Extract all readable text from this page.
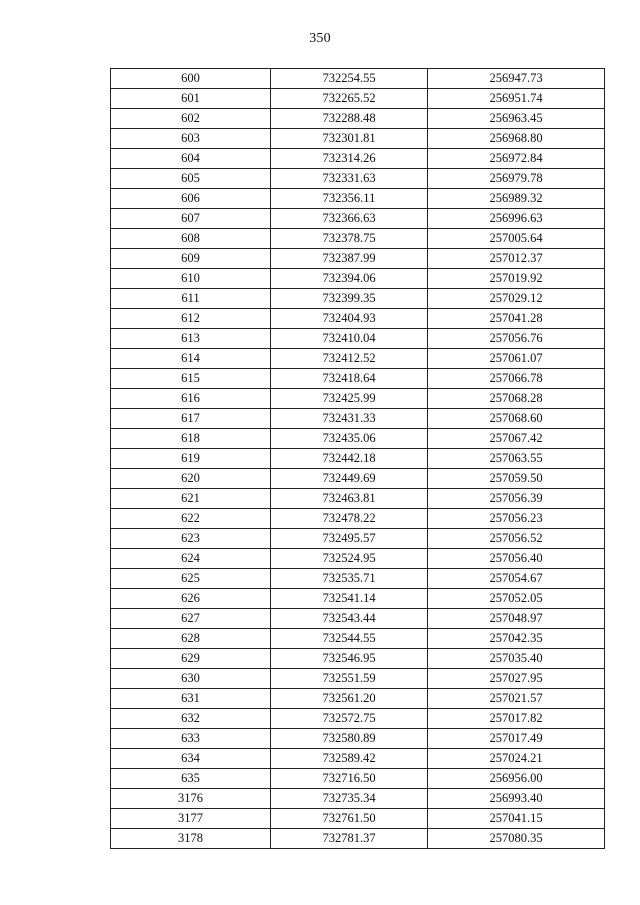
350
600	732254.55	256947.73
601	732265.52	256951.74
602	732288.48	256963.45
603	732301.81	256968.80
604	732314.26	256972.84
605	732331.63	256979.78
606	732356.11	256989.32
607	732366.63	256996.63
608	732378.75	257005.64
609	732387.99	257012.37
610	732394.06	257019.92
611	732399.35	257029.12
612	732404.93	257041.28
613	732410.04	257056.76
614	732412.52	257061.07
615	732418.64	257066.78
616	732425.99	257068.28
617	732431.33	257068.60
618	732435.06	257067.42
619	732442.18	257063.55
620	732449.69	257059.50
621	732463.81	257056.39
622	732478.22	257056.23
623	732495.57	257056.52
624	732524.95	257056.40
625	732535.71	257054.67
626	732541.14	257052.05
627	732543.44	257048.97
628	732544.55	257042.35
629	732546.95	257035.40
630	732551.59	257027.95
631	732561.20	257021.57
632	732572.75	257017.82
633	732580.89	257017.49
634	732589.42	257024.21
635	732716.50	256956.00
3176	732735.34	256993.40
3177	732761.50	257041.15
3178	732781.37	257080.35
